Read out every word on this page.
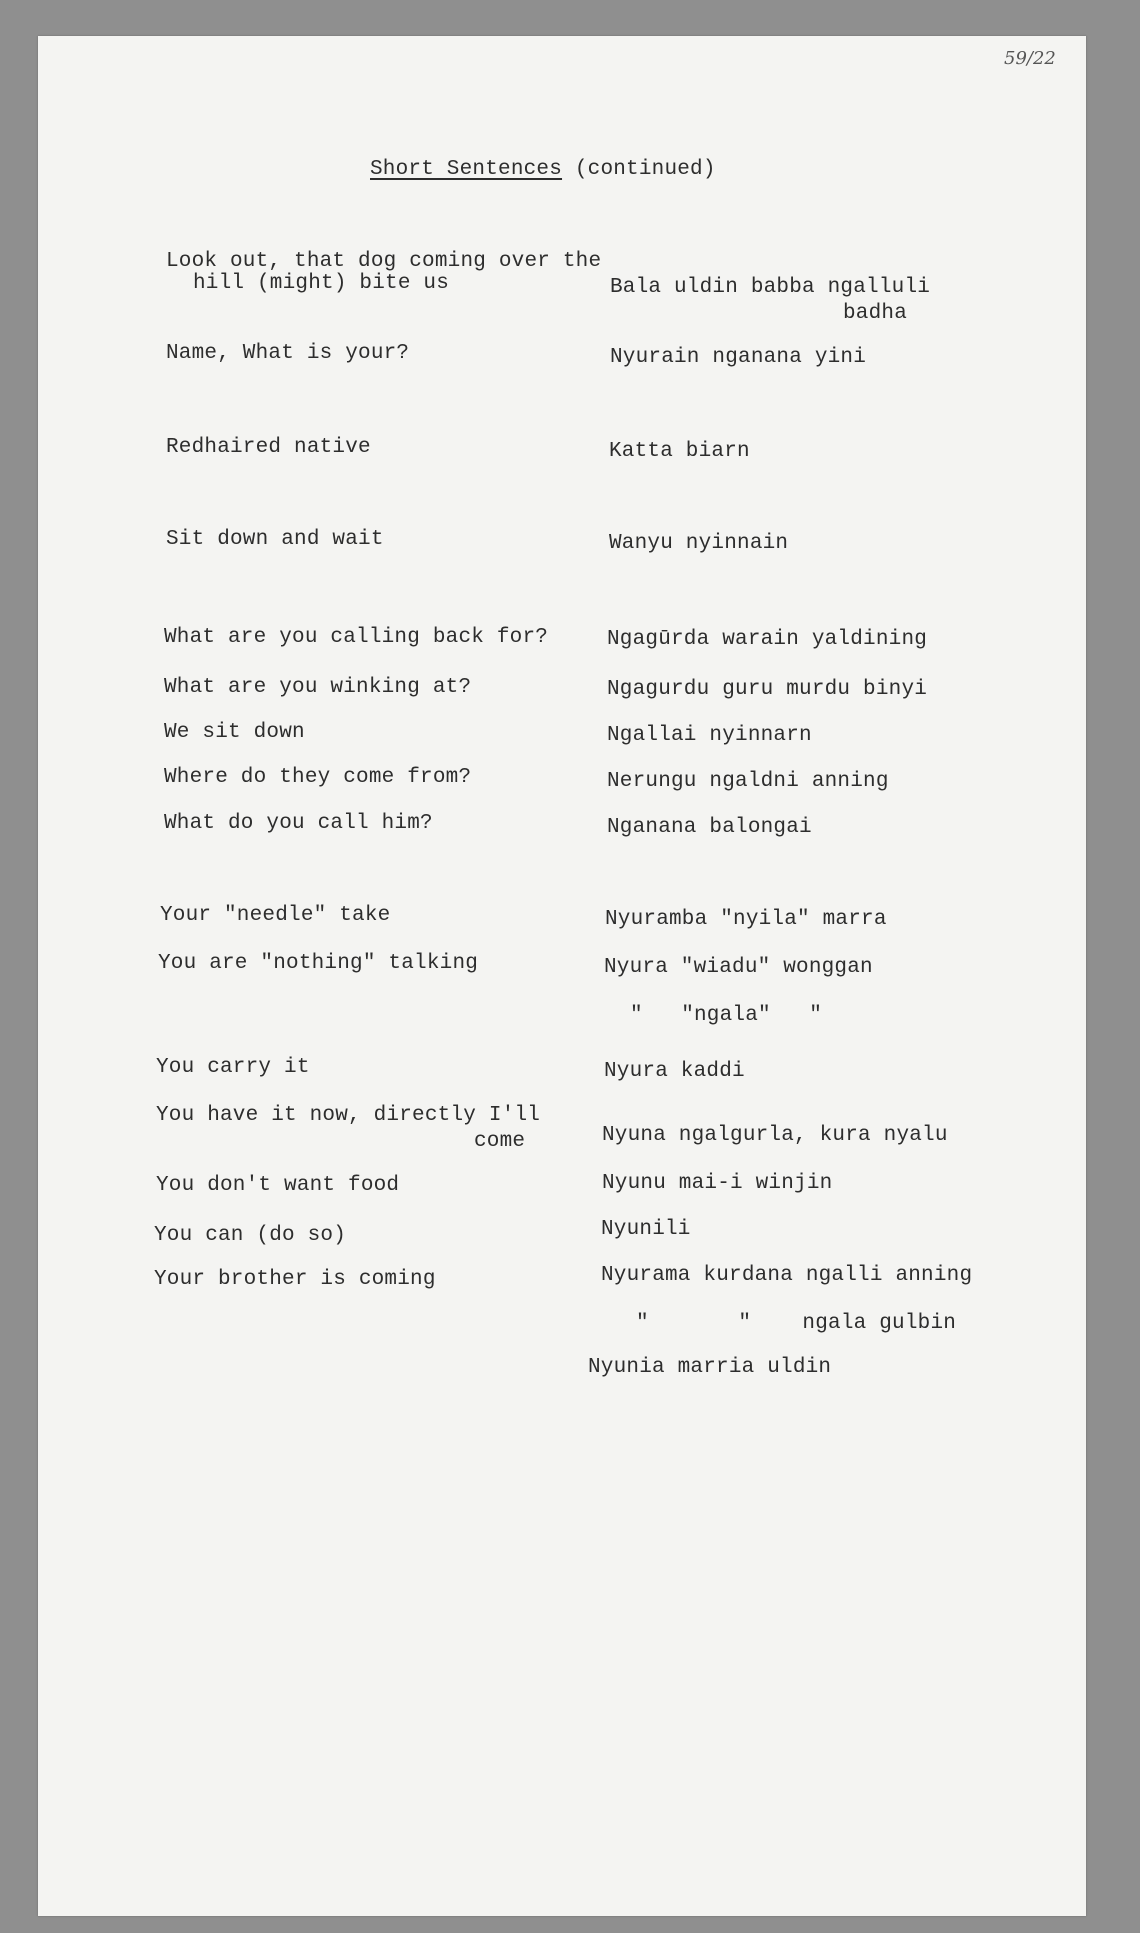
59/22
Short Sentences (continued)
Look out, that dog coming over the
hill (might) bite us
Name, What is your?
Redhaired native
Sit down and wait
What are you calling back for?
What are you winking at?
We sit down
Where do they come from?
What do you call him?
Your "needle" take
You are "nothing" talking
You carry it
You have it now, directly I'll
come
You don't want food
You can (do so)
Your brother is coming
Bala uldin babba ngalluli
badha
Nyurain nganana yini
Katta biarn
Wanyu nyinnain
Ngagūrda warain yaldining
Ngagurdu guru murdu binyi
Ngallai nyinnarn
Nerungu ngaldni anning
Nganana balongai
Nyuramba "nyila" marra
Nyura "wiadu" wonggan
"   "ngala"   "
Nyura kaddi
Nyuna ngalgurla, kura nyalu
Nyunu mai-i winjin
Nyunili
Nyurama kurdana ngalli anning
"       "    ngala gulbin
Nyunia marria uldin
